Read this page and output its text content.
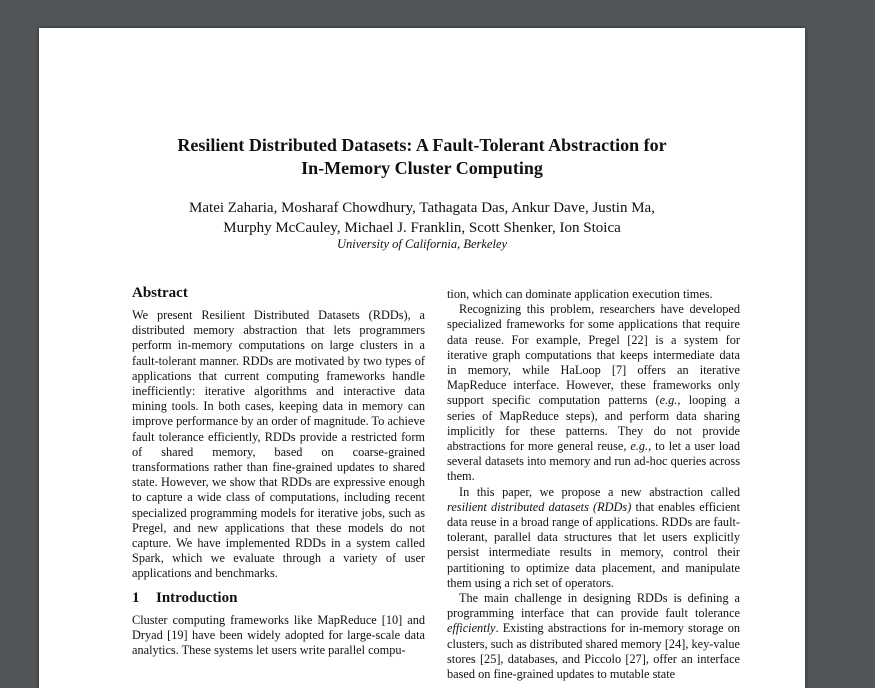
Resilient Distributed Datasets: A Fault-Tolerant Abstraction for
In-Memory Cluster Computing
Matei Zaharia, Mosharaf Chowdhury, Tathagata Das, Ankur Dave, Justin Ma,
Murphy McCauley, Michael J. Franklin, Scott Shenker, Ion Stoica
University of California, Berkeley
Abstract

We present Resilient Distributed Datasets (RDDs), a distributed memory abstraction that lets programmers perform in-memory computations on large clusters in a fault-tolerant manner. RDDs are motivated by two types of applications that current computing frameworks handle inefficiently: iterative algorithms and interactive data mining tools. In both cases, keeping data in memory can improve performance by an order of magnitude. To achieve fault tolerance efficiently, RDDs provide a restricted form of shared memory, based on coarse-grained transformations rather than fine-grained updates to shared state. However, we show that RDDs are expressive enough to capture a wide class of computations, including recent specialized programming models for iterative jobs, such as Pregel, and new applications that these models do not capture. We have implemented RDDs in a system called Spark, which we evaluate through a variety of user applications and benchmarks.

1 Introduction

Cluster computing frameworks like MapReduce [10] and Dryad [19] have been widely adopted for large-scale data analytics. These systems let users write parallel compu-

tion, which can dominate application execution times.

Recognizing this problem, researchers have developed specialized frameworks for some applications that require data reuse. For example, Pregel [22] is a system for iterative graph computations that keeps intermediate data in memory, while HaLoop [7] offers an iterative MapReduce interface. However, these frameworks only support specific computation patterns (e.g., looping a series of MapReduce steps), and perform data sharing implicitly for these patterns. They do not provide abstractions for more general reuse, e.g., to let a user load several datasets into memory and run ad-hoc queries across them.

In this paper, we propose a new abstraction called resilient distributed datasets (RDDs) that enables efficient data reuse in a broad range of applications. RDDs are fault-tolerant, parallel data structures that let users explicitly persist intermediate results in memory, control their partitioning to optimize data placement, and manipulate them using a rich set of operators.

The main challenge in designing RDDs is defining a programming interface that can provide fault tolerance efficiently. Existing abstractions for in-memory storage on clusters, such as distributed shared memory [24], key-value stores [25], databases, and Piccolo [27], offer an interface based on fine-grained updates to mutable state
